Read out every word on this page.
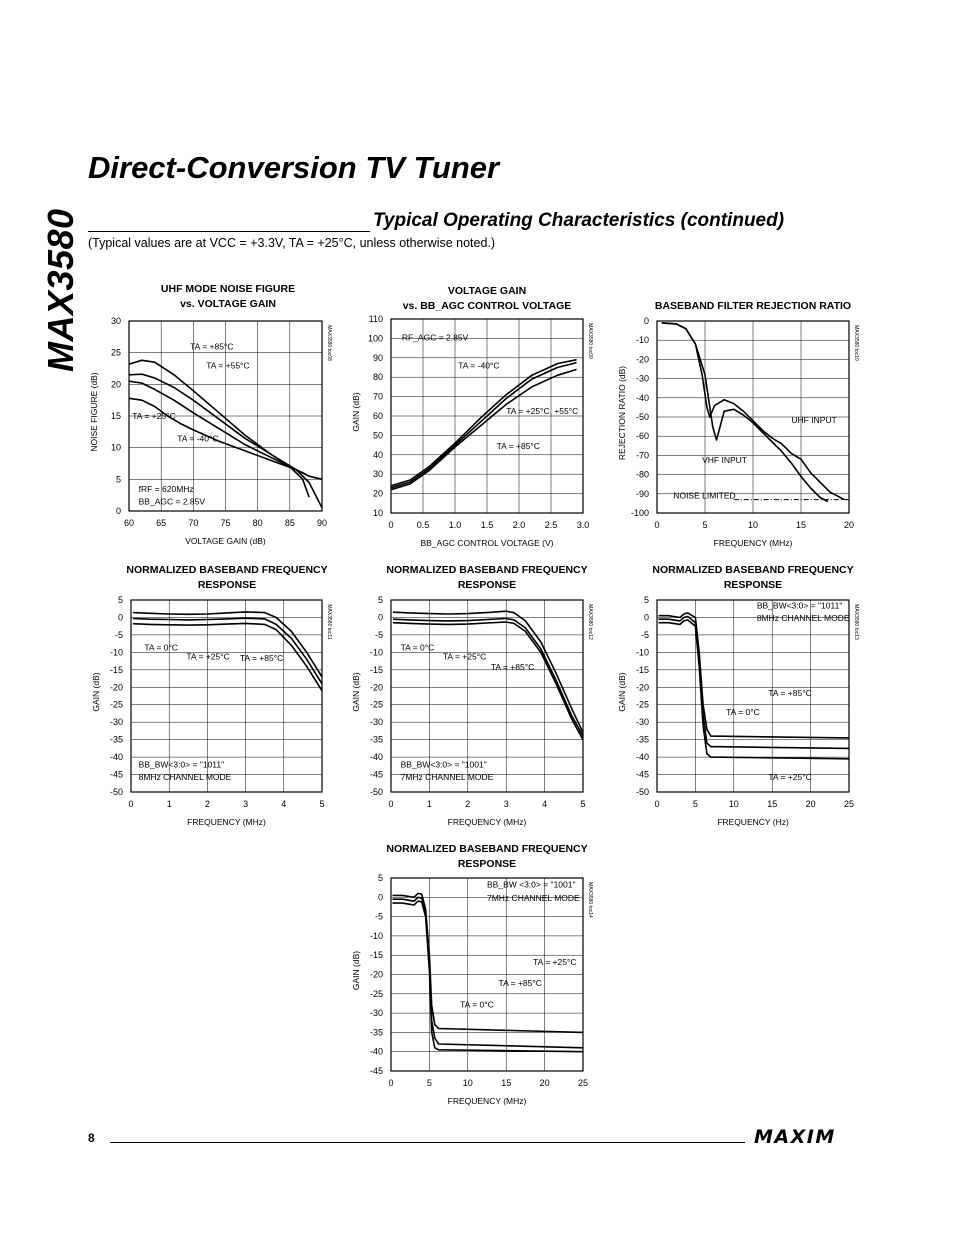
MAX3580
Direct-Conversion TV Tuner
Typical Operating Characteristics (continued)
(Typical values are at VCC = +3.3V, TA = +25°C, unless otherwise noted.)
60 65 70 75 80 85 90
0
5
10
15
20
25
30
UHF MODE NOISE FIGURE
vs. VOLTAGE GAIN
VOLTAGE GAIN (dB)
NOISE FIGURE (dB)
MAX3580 toc08
TA = +85°C
TA = +55°C
TA = +25°C
TA = -40°C
fRF = 620MHz
BB_AGC = 2.85V
0	0.5 1.0 1.5 2.0 2.5 3.0
10
20
30
40
50
60
70
80
90
100
110
VOLTAGE GAIN
vs. BB_AGC CONTROL VOLTAGE
BB_AGC CONTROL VOLTAGE (V)
GAIN (dB)
MAX3580 toc09
RF_AGC = 2.85V
TA = -40°C
TA = +25°C, +55°C
TA = +85°C
0	5	10	15	20
0
-10
-20
-30
-40
-50
-60
-70
-80
-90
-100
BASEBAND FILTER REJECTION RATIO
FREQUENCY (MHz)
REJECTION RATIO (dB)
MAX3580 toc10
UHF INPUT
VHF INPUT
NOISE LIMITED
0	1	2	3	4	5
5
0
-5
-10
-15
-20
-25
-30
-35
-40
-45
-50
NORMALIZED BASEBAND FREQUENCY
RESPONSE
FREQUENCY (MHz)
GAIN (dB)
MAX3580 toc11
TA = 0°C
TA = +25°C TA = +85°C
BB_BW<3:0> = "1011"
8MHz CHANNEL MODE
0	1	2	3	4	5
5
0
-5
-10
-15
-20
-25
-30
-35
-40
-45
-50
NORMALIZED BASEBAND FREQUENCY
RESPONSE
FREQUENCY (MHz)
GAIN (dB)
MAX3580 toc12
TA = 0°C
TA = +25°C
TA = +85°C
BB_BW<3:0> = "1001"
7MHz CHANNEL MODE
0	5	10	15	20	25
5
0
-5
-10
-15
-20
-25
-30
-35
-40
-45
-50
NORMALIZED BASEBAND FREQUENCY
RESPONSE
FREQUENCY (Hz)
GAIN (dB)
MAX3580 toc13
BB_BW<3:0> = "1011"
8MHz CHANNEL MODE
TA = +85°C
TA = 0°C
TA = +25°C
0	5	10	15	20	25
5
0
-5
-10
-15
-20
-25
-30
-35
-40
-45
NORMALIZED BASEBAND FREQUENCY
RESPONSE
FREQUENCY (MHz)
GAIN (dB)
MAX3580 toc14
BB_BW <3:0> = "1001"
7MHz CHANNEL MODE
TA = +25°C
TA = +85°C
TA = 0°C
8	MAXIM
